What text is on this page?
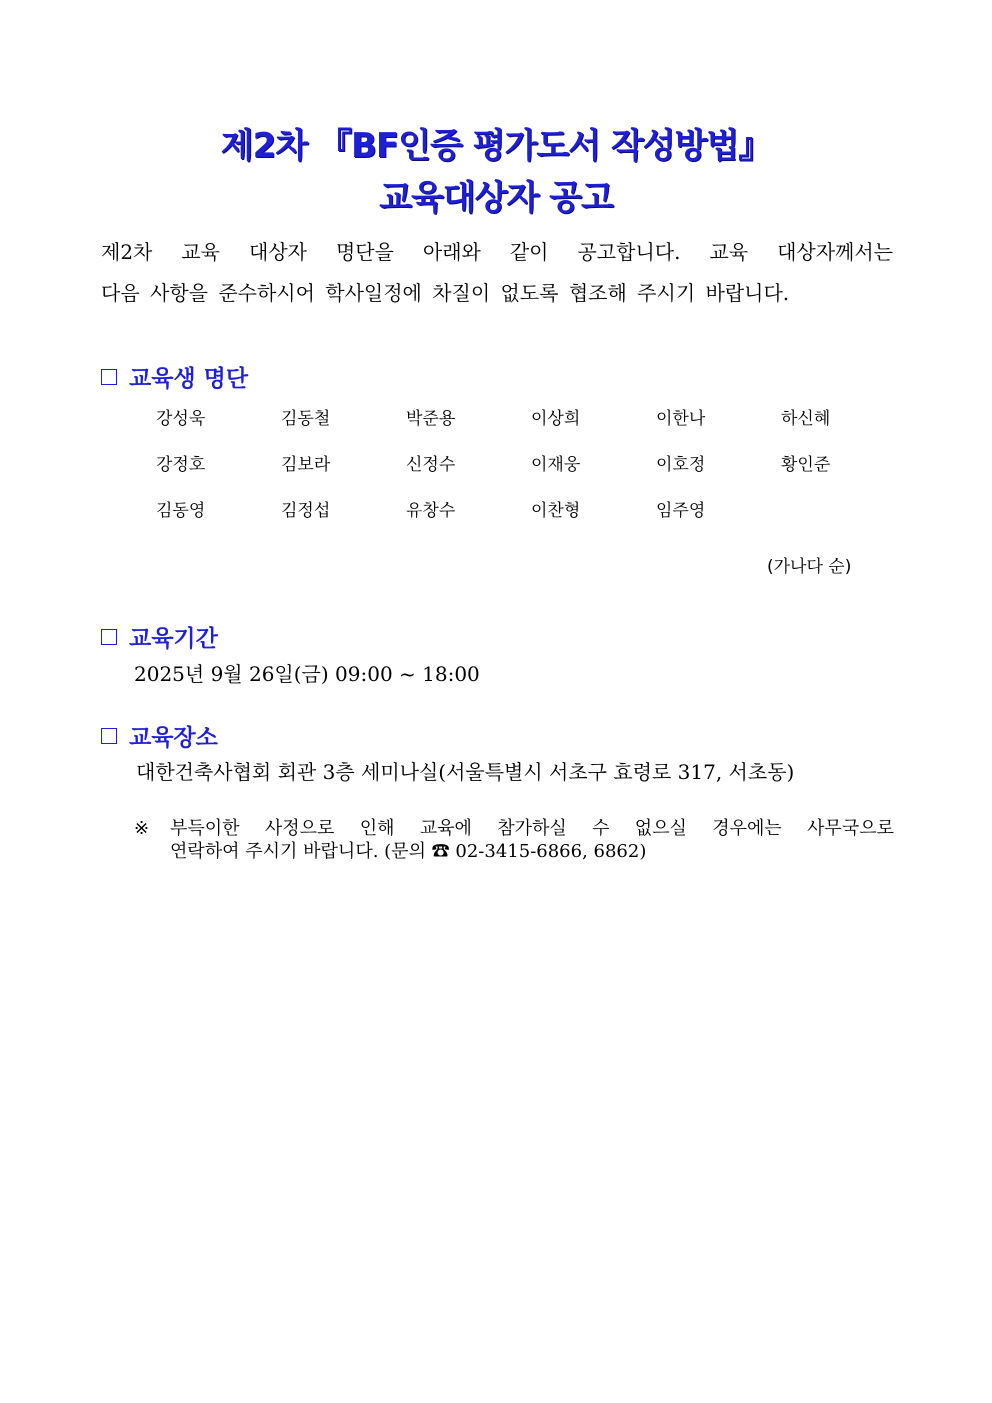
제2차 『BF인증 평가도서 작성방법』
교육대상자 공고
제2차 교육 대상자 명단을 아래와 같이 공고합니다. 교육 대상자께서는
다음 사항을 준수하시어 학사일정에 차질이 없도록 협조해 주시기 바랍니다.
교육생 명단
강성욱	김동철	박준용	이상희	이한나	하신혜
강정호	김보라	신정수	이재웅	이호정	황인준
김동영	김정섭	유창수	이찬형	임주영
(가나다 순)
교육기간
2025년 9월 26일(금) 09:00 ~ 18:00
교육장소
대한건축사협회 회관 3층 세미나실(서울특별시 서초구 효령로 317, 서초동)
※ 부득이한 사정으로 인해 교육에 참가하실 수 없으실 경우에는 사무국으로
연락하여 주시기 바랍니다. (문의 ☎ 02-3415-6866, 6862)
